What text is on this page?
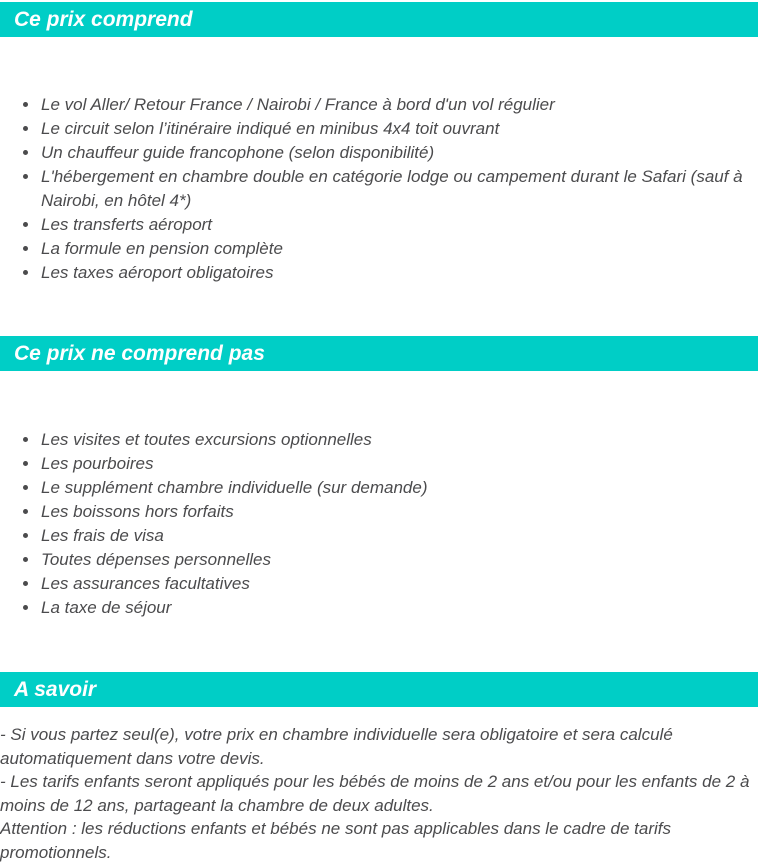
Ce prix comprend
• Le vol Aller/ Retour France / Nairobi / France à bord d'un vol régulier
• Le circuit selon l’itinéraire indiqué en minibus 4x4 toit ouvrant
• Un chauffeur guide francophone (selon disponibilité)
• L'hébergement en chambre double en catégorie lodge ou campement durant le Safari (sauf à Nairobi, en hôtel 4*)
• Les transferts aéroport
• La formule en pension complète
• Les taxes aéroport obligatoires
Ce prix ne comprend pas
• Les visites et toutes excursions optionnelles
• Les pourboires
• Le supplément chambre individuelle (sur demande)
• Les boissons hors forfaits
• Les frais de visa
• Toutes dépenses personnelles
• Les assurances facultatives
• La taxe de séjour
A savoir

- Si vous partez seul(e), votre prix en chambre individuelle sera obligatoire et sera calculé automatiquement dans votre devis.

- Les tarifs enfants seront appliqués pour les bébés de moins de 2 ans et/ou pour les enfants de 2 à moins de 12 ans, partageant la chambre de deux adultes.

Attention : les réductions enfants et bébés ne sont pas applicables dans le cadre de tarifs promotionnels.
